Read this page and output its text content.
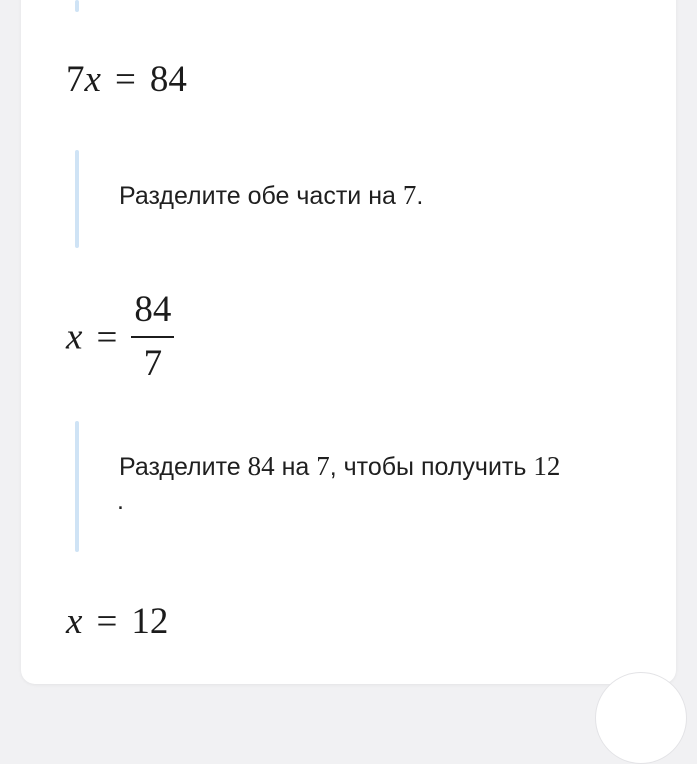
7x = 84
Разделите обе части на 7.
$x = \frac{84}{7}$
Разделите 84 на 7, чтобы получить 12
.
x = 12
